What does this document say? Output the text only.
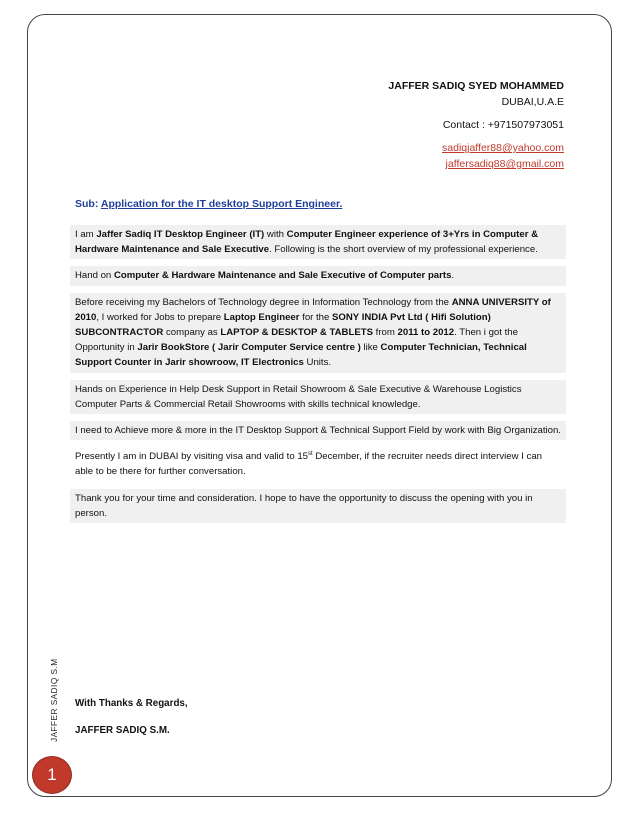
JAFFER SADIQ SYED MOHAMMED
DUBAI,U.A.E
Contact : +971507973051
sadiqjaffer88@yahoo.com
jaffersadiq88@gmail.com
Sub: Application for the IT desktop Support Engineer.
I am Jaffer Sadiq IT Desktop Engineer (IT) with Computer Engineer experience of 3+Yrs in Computer & Hardware Maintenance and Sale Executive. Following is the short overview of my professional experience.
Hand on Computer & Hardware Maintenance and Sale Executive of Computer parts.
Before receiving my Bachelors of Technology degree in Information Technology from the ANNA UNIVERSITY of 2010, I worked for Jobs to prepare Laptop Engineer for the SONY INDIA Pvt Ltd ( Hifi Solution) SUBCONTRACTOR company as LAPTOP & DESKTOP & TABLETS from 2011 to 2012. Then i got the Opportunity in Jarir BookStore ( Jarir Computer Service centre ) like Computer Technician, Technical Support Counter in Jarir showroow, IT Electronics Units.
Hands on Experience in Help Desk Support in Retail Showroom & Sale Executive & Warehouse Logistics Computer Parts & Commercial Retail Showrooms with skills technical knowledge.
I need to Achieve more & more in the IT Desktop Support & Technical Support Field by work with Big Organization.
Presently I am in DUBAI by visiting visa and valid to 15st December, if the recruiter needs direct interview I can able to be there for further conversation.
Thank you for your time and consideration. I hope to have the opportunity to discuss the opening with you in person.
With Thanks & Regards,
JAFFER SADIQ S.M.
JAFFER SADIQ S.M
1
